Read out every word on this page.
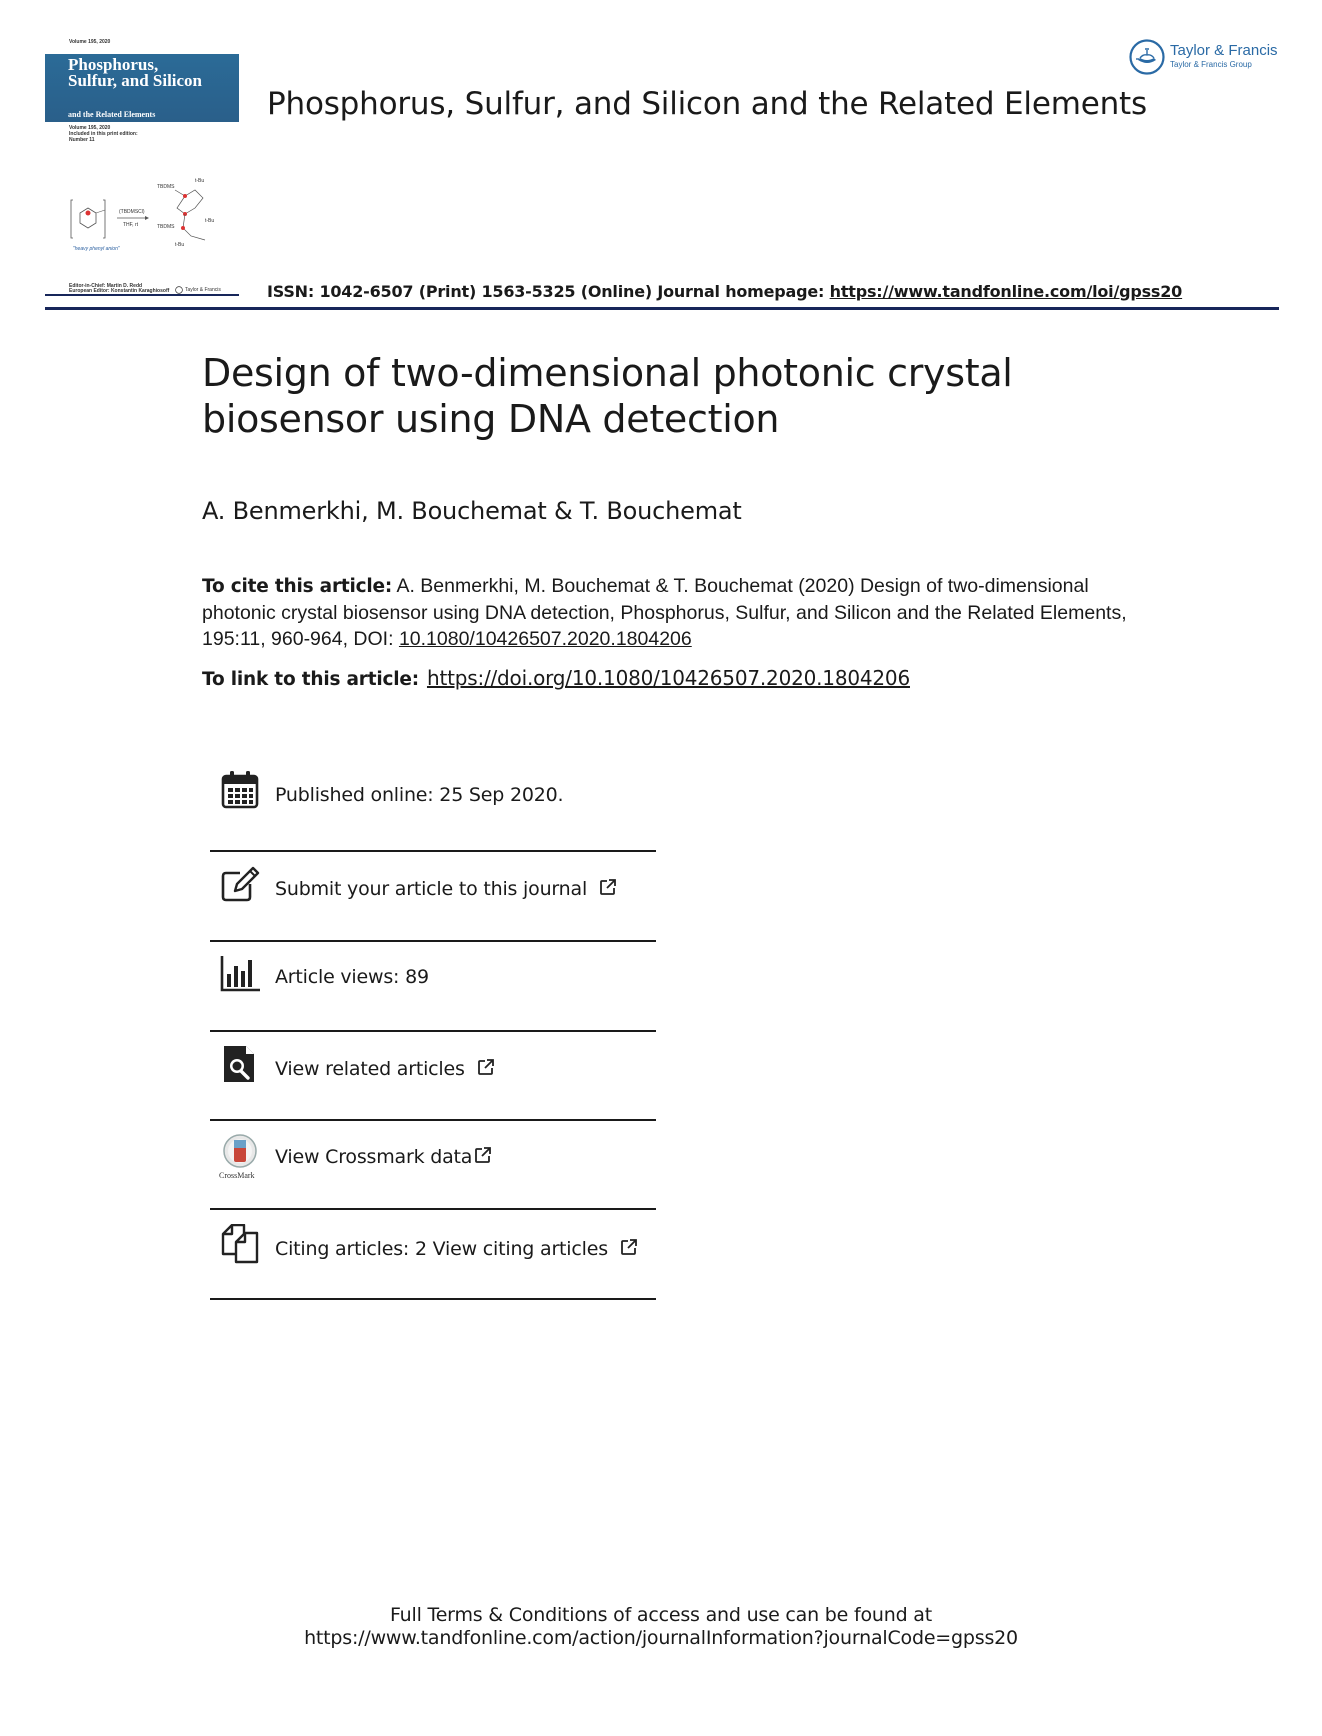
Volume 195, 2020
Phosphorus, Sulfur, and Silicon
and the Related Elements
Volume 195, 2020
Included in this print edition:
Number 11
(TBDMSCl)
THF, rt
"heavy phenyl anion"
TBDMS
t-Bu
TBDMS
t-Bu
t-Bu
Editor-in-Chief: Martin D. Redd
European Editor: Konstantin Karaghiosoff	Taylor & Francis
Phosphorus, Sulfur, and Silicon and the Related Elements
Taylor & Francis
Taylor & Francis Group
ISSN: 1042-6507 (Print) 1563-5325 (Online) Journal homepage: https://www.tandfonline.com/loi/gpss20
Design of two-dimensional photonic crystal
biosensor using DNA detection
A. Benmerkhi, M. Bouchemat & T. Bouchemat
To cite this article: A. Benmerkhi, M. Bouchemat & T. Bouchemat (2020) Design of two-dimensional photonic crystal biosensor using DNA detection, Phosphorus, Sulfur, and Silicon and the Related Elements, 195:11, 960-964, DOI: 10.1080/10426507.2020.1804206
To link to this article: https://doi.org/10.1080/10426507.2020.1804206
Published online: 25 Sep 2020.
Submit your article to this journal
Article views: 89
View related articles
CrossMark
View Crossmark data
Citing articles: 2 View citing articles
Full Terms & Conditions of access and use can be found at
https://www.tandfonline.com/action/journalInformation?journalCode=gpss20
